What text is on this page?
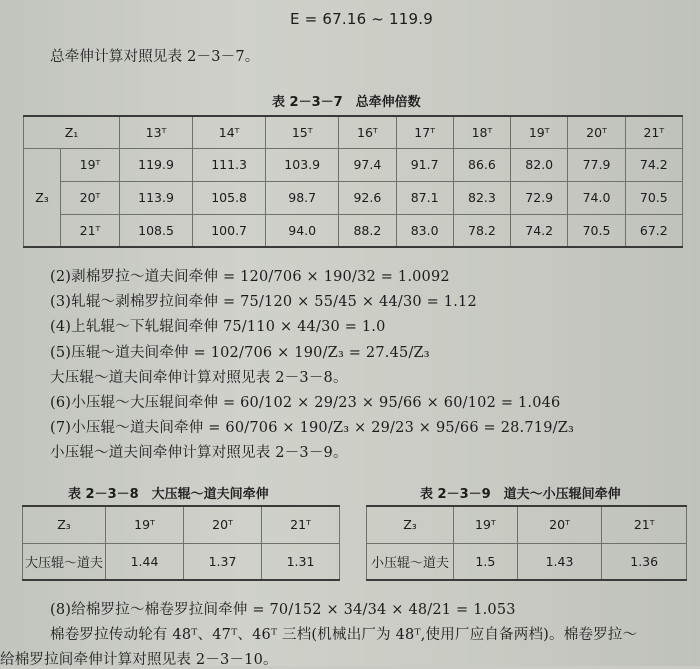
E = 67.16 ~ 119.9
总牵伸计算对照见表 2－3－7。
表 2－3－7　总牵伸倍数
Z₁		13ᵀ	14ᵀ	15ᵀ	16ᵀ	17ᵀ	18ᵀ	19ᵀ	20ᵀ	21ᵀ
Z₃	19ᵀ	119.9	111.3	103.9	97.4	91.7	86.6	82.0	77.9	74.2
	20ᵀ	113.9	105.8	98.7	92.6	87.1	82.3	72.9	74.0	70.5
	21ᵀ	108.5	100.7	94.0	88.2	83.0	78.2	74.2	70.5	67.2
(2)剥棉罗拉～道夫间牵伸 = 120/706 × 190/32 = 1.0092
(3)轧辊～剥棉罗拉间牵伸 = 75/120 × 55/45 × 44/30 = 1.12
(4)上轧辊～下轧辊间牵伸 75/110 × 44/30 = 1.0
(5)压辊～道夫间牵伸 = 102/706 × 190/Z₃ = 27.45/Z₃
大压辊～道夫间牵伸计算对照见表 2－3－8。
(6)小压辊～大压辊间牵伸 = 60/102 × 29/23 × 95/66 × 60/102 = 1.046
(7)小压辊～道夫间牵伸 = 60/706 × 190/Z₃ × 29/23 × 95/66 = 28.719/Z₃
小压辊～道夫间牵伸计算对照见表 2－3－9。
表 2－3－8　大压辊～道夫间牵伸	表 2－3－9　道夫～小压辊间牵伸
Z₃	19ᵀ	20ᵀ	21ᵀ
大压辊～道夫	1.44	1.37	1.31
Z₃	19ᵀ	20ᵀ	21ᵀ
小压辊～道夫	1.5	1.43	1.36
(8)给棉罗拉～棉卷罗拉间牵伸 = 70/152 × 34/34 × 48/21 = 1.053
棉卷罗拉传动轮有 48ᵀ、47ᵀ、46ᵀ 三档(机械出厂为 48ᵀ,使用厂应自备两档)。棉卷罗拉～
给棉罗拉间牵伸计算对照见表 2－3－10。
